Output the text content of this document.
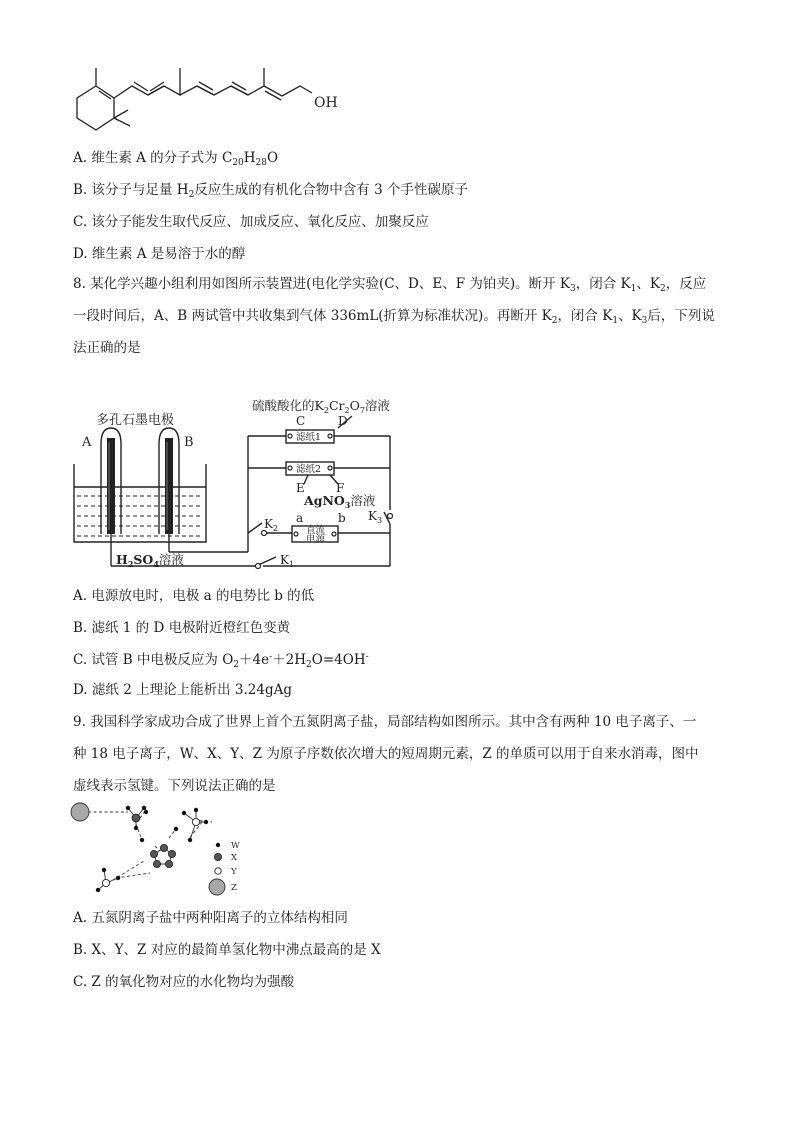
OH
A. 维生素 A 的分子式为 $C_{20}H_{28}O$
B. 该分子与足量 $H_2$反应生成的有机化合物中含有 3 个手性碳原子
C. 该分子能发生取代反应、加成反应、氧化反应、加聚反应
D. 维生素 A 是易溶于水的醇
8. 某化学兴趣小组利用如图所示装置进(电化学实验(C、D、E、F 为铂夹)。断开 $K_3$，闭合 $K_1$、$K_2$，反应
一段时间后，A、B 两试管中共收集到气体 336mL(折算为标准状况)。再断开 $K_2$，闭合 $K_1$、$K_3$后，下列说
法正确的是
多孔石墨电极
A	B
硫酸酸化的$K_2Cr_2O_7$溶液
C	D
滤纸1
滤纸2
E	F
AgNO$_3$溶液
$K_3$
a	b
直流
电源
$K_2$
$H_2SO_4$溶液	$K_1$
A. 电源放电时，电极 a 的电势比 b 的低
B. 滤纸 1 的 D 电极附近橙红色变黄
C. 试管 B 中电极反应为 $O_2+4e^-+2H_2O=4OH^-$
D. 滤纸 2 上理论上能析出 3.24gAg
9. 我国科学家成功合成了世界上首个五氮阴离子盐，局部结构如图所示。其中含有两种 10 电子离子、一
种 18 电子离子，W、X、Y、Z 为原子序数依次增大的短周期元素，Z 的单质可以用于自来水消毒，图中
虚线表示氢键。下列说法正确的是
W
X
Y
Z
A. 五氮阴离子盐中两种阳离子的立体结构相同
B. X、Y、Z 对应的最简单氢化物中沸点最高的是 X
C. Z 的氧化物对应的水化物均为强酸
